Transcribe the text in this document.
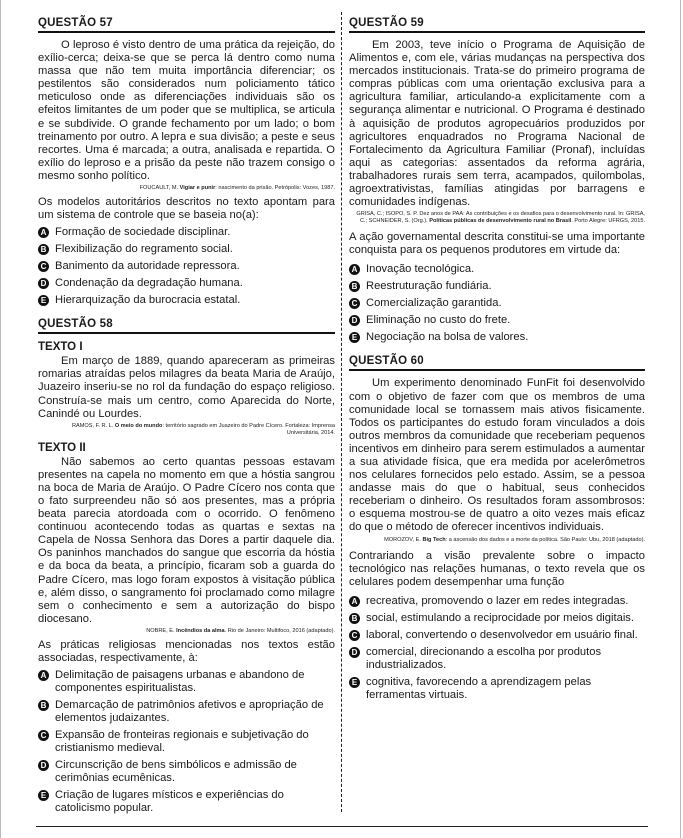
QUESTÃO 57

O leproso é visto dentro de uma prática da rejeição, do exílio-cerca; deixa-se que se perca lá dentro como numa massa que não tem muita importância diferenciar; os pestilentos são considerados num policiamento tático meticuloso onde as diferenciações individuais são os efeitos limitantes de um poder que se multiplica, se articula e se subdivide. O grande fechamento por um lado; o bom treinamento por outro. A lepra e sua divisão; a peste e seus recortes. Uma é marcada; a outra, analisada e repartida. O exílio do leproso e a prisão da peste não trazem consigo o mesmo sonho político.

FOUCAULT, M. Vigiar e punir: nascimento da prisão. Petrópolis: Vozes, 1987.

Os modelos autoritários descritos no texto apontam para um sistema de controle que se baseia no(a):

A Formação de sociedade disciplinar.
B Flexibilização do regramento social.
C Banimento da autoridade repressora.
D Condenação da degradação humana.
E Hierarquização da burocracia estatal.
QUESTÃO 58
TEXTO I

Em março de 1889, quando apareceram as primeiras romarias atraídas pelos milagres da beata Maria de Araújo, Juazeiro inseriu-se no rol da fundação do espaço religioso. Construía-se mais um centro, como Aparecida do Norte, Canindé ou Lourdes.

RAMOS, F. R. L. O meio do mundo: território sagrado em Juazeiro do Padre Cícero. Fortaleza: Imprensa Universitária, 2014.
TEXTO II

Não sabemos ao certo quantas pessoas estavam presentes na capela no momento em que a hóstia sangrou na boca de Maria de Araújo. O Padre Cícero nos conta que o fato surpreendeu não só aos presentes, mas a própria beata parecia atordoada com o ocorrido. O fenômeno continuou acontecendo todas as quartas e sextas na Capela de Nossa Senhora das Dores a partir daquele dia. Os paninhos manchados do sangue que escorria da hóstia e da boca da beata, a princípio, ficaram sob a guarda do Padre Cícero, mas logo foram expostos à visitação pública e, além disso, o sangramento foi proclamado como milagre sem o conhecimento e sem a autorização do bispo diocesano.

NOBRE, E. Incêndios da alma. Rio de Janeiro: Multifoco, 2016 (adaptado).

As práticas religiosas mencionadas nos textos estão associadas, respectivamente, à:

A Delimitação de paisagens urbanas e abandono de componentes espiritualistas.
B Demarcação de patrimônios afetivos e apropriação de elementos judaizantes.
C Expansão de fronteiras regionais e subjetivação do cristianismo medieval.
D Circunscrição de bens simbólicos e admissão de cerimônias ecumênicas.
E Criação de lugares místicos e experiências do catolicismo popular.
QUESTÃO 59

Em 2003, teve início o Programa de Aquisição de Alimentos e, com ele, várias mudanças na perspectiva dos mercados institucionais. Trata-se do primeiro programa de compras públicas com uma orientação exclusiva para a agricultura familiar, articulando-a explicitamente com a segurança alimentar e nutricional. O Programa é destinado à aquisição de produtos agropecuários produzidos por agricultores enquadrados no Programa Nacional de Fortalecimento da Agricultura Familiar (Pronaf), incluídas aqui as categorias: assentados da reforma agrária, trabalhadores rurais sem terra, acampados, quilombolas, agroextrativistas, famílias atingidas por barragens e comunidades indígenas.

GRISA, C.; ISOPO, S. P. Dez anos de PAA: As contribuições e os desafios para o desenvolvimento rural. In: GRISA, C.; SCHNEIDER, S. (Org.). Políticas públicas de desenvolvimento rural no Brasil. Porto Alegre: UFRGS, 2015.

A ação governamental descrita constitui-se uma importante conquista para os pequenos produtores em virtude da:

A Inovação tecnológica.
B Reestruturação fundiária.
C Comercialização garantida.
D Eliminação no custo do frete.
E Negociação na bolsa de valores.
QUESTÃO 60

Um experimento denominado FunFit foi desenvolvido com o objetivo de fazer com que os membros de uma comunidade local se tornassem mais ativos fisicamente. Todos os participantes do estudo foram vinculados a dois outros membros da comunidade que receberiam pequenos incentivos em dinheiro para serem estimulados a aumentar a sua atividade física, que era medida por acelerômetros nos celulares fornecidos pelo estado. Assim, se a pessoa andasse mais do que o habitual, seus conhecidos receberiam o dinheiro. Os resultados foram assombrosos: o esquema mostrou-se de quatro a oito vezes mais eficaz do que o método de oferecer incentivos individuais.

MOROZOV, E. Big Tech: a ascensão dos dados e a morte da política. São Paulo: Ubu, 2018 (adaptado).

Contrariando a visão prevalente sobre o impacto tecnológico nas relações humanas, o texto revela que os celulares podem desempenhar uma função

A recreativa, promovendo o lazer em redes integradas.
B social, estimulando a reciprocidade por meios digitais.
C laboral, convertendo o desenvolvedor em usuário final.
D comercial, direcionando a escolha por produtos industrializados.
E cognitiva, favorecendo a aprendizagem pelas ferramentas virtuais.
